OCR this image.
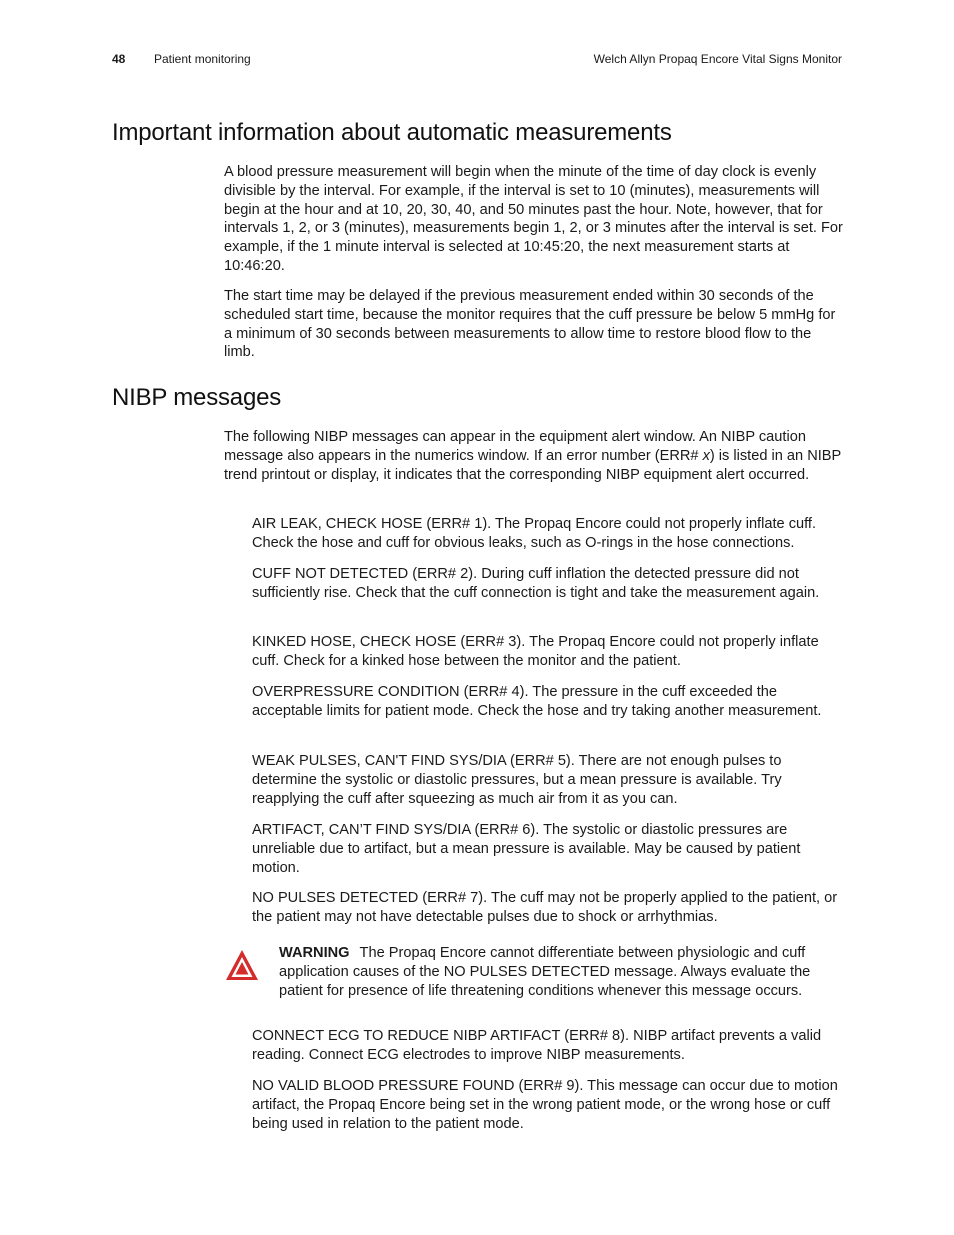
48 Patient monitoring	Welch Allyn Propaq Encore Vital Signs Monitor
Important information about automatic measurements

A blood pressure measurement will begin when the minute of the time of day clock is evenly divisible by the interval. For example, if the interval is set to 10 (minutes), measurements will begin at the hour and at 10, 20, 30, 40, and 50 minutes past the hour. Note, however, that for intervals 1, 2, or 3 (minutes), measurements begin 1, 2, or 3 minutes after the interval is set. For example, if the 1 minute interval is selected at 10:45:20, the next measurement starts at 10:46:20.

The start time may be delayed if the previous measurement ended within 30 seconds of the scheduled start time, because the monitor requires that the cuff pressure be below 5 mmHg for a minimum of 30 seconds between measurements to allow time to restore blood flow to the limb.

NIBP messages

The following NIBP messages can appear in the equipment alert window. An NIBP caution message also appears in the numerics window. If an error number (ERR# x) is listed in an NIBP trend printout or display, it indicates that the corresponding NIBP equipment alert occurred.

AIR LEAK, CHECK HOSE (ERR# 1). The Propaq Encore could not properly inflate cuff. Check the hose and cuff for obvious leaks, such as O-rings in the hose connections.

CUFF NOT DETECTED (ERR# 2). During cuff inflation the detected pressure did not sufficiently rise. Check that the cuff connection is tight and take the measurement again.

KINKED HOSE, CHECK HOSE (ERR# 3). The Propaq Encore could not properly inflate cuff. Check for a kinked hose between the monitor and the patient.

OVERPRESSURE CONDITION (ERR# 4). The pressure in the cuff exceeded the acceptable limits for patient mode. Check the hose and try taking another measurement.

WEAK PULSES, CAN'T FIND SYS/DIA (ERR# 5). There are not enough pulses to determine the systolic or diastolic pressures, but a mean pressure is available. Try reapplying the cuff after squeezing as much air from it as you can.

ARTIFACT, CAN’T FIND SYS/DIA (ERR# 6). The systolic or diastolic pressures are unreliable due to artifact, but a mean pressure is available. May be caused by patient motion.

NO PULSES DETECTED (ERR# 7). The cuff may not be properly applied to the patient, or the patient may not have detectable pulses due to shock or arrhythmias.

WARNING The Propaq Encore cannot differentiate between physiologic and cuff application causes of the NO PULSES DETECTED message. Always evaluate the patient for presence of life threatening conditions whenever this message occurs.

CONNECT ECG TO REDUCE NIBP ARTIFACT (ERR# 8). NIBP artifact prevents a valid reading. Connect ECG electrodes to improve NIBP measurements.

NO VALID BLOOD PRESSURE FOUND (ERR# 9). This message can occur due to motion artifact, the Propaq Encore being set in the wrong patient mode, or the wrong hose or cuff being used in relation to the patient mode.
